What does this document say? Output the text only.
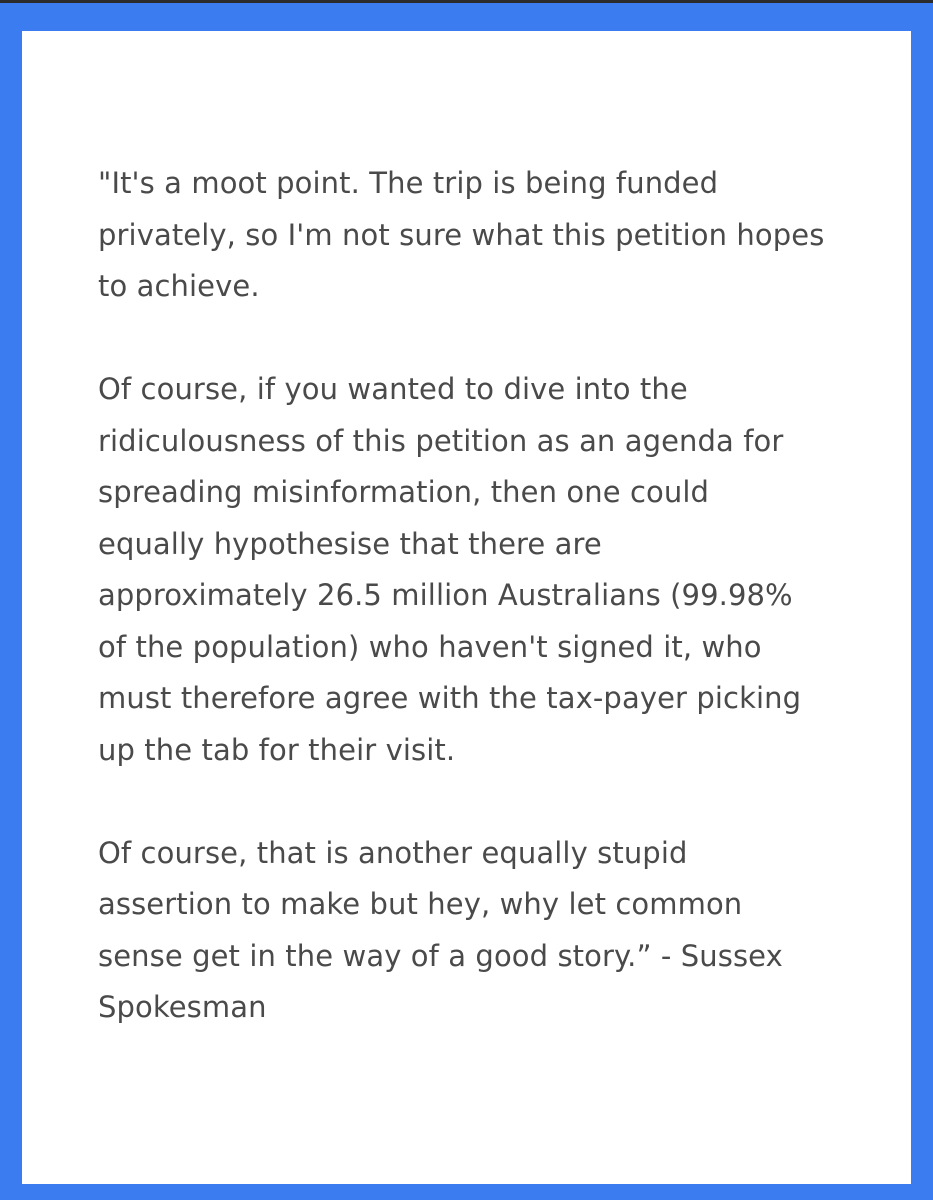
"It's a moot point. The trip is being funded
privately, so I'm not sure what this petition hopes
to achieve.

Of course, if you wanted to dive into the
ridiculousness of this petition as an agenda for
spreading misinformation, then one could
equally hypothesise that there are
approximately 26.5 million Australians (99.98%
of the population) who haven't signed it, who
must therefore agree with the tax-payer picking
up the tab for their visit.

Of course, that is another equally stupid
assertion to make but hey, why let common
sense get in the way of a good story.” - Sussex
Spokesman
